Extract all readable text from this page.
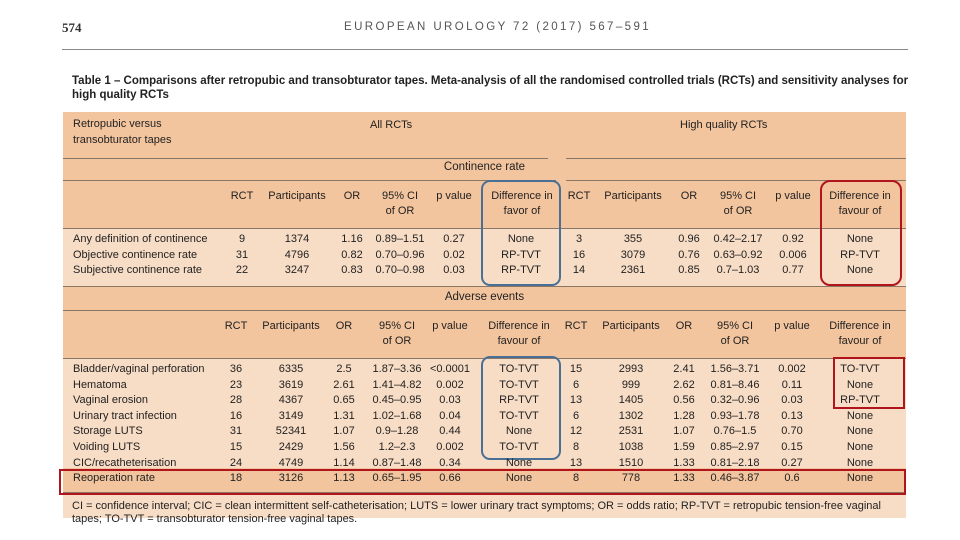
574	EUROPEAN UROLOGY 72 (2017) 567–591
Table 1 – Comparisons after retropubic and transobturator tapes. Meta-analysis of all the randomised controlled trials (RCTs) and sensitivity analyses for high quality RCTs
Retropubic versus
transobturator tapes
All RCTs	High quality RCTs
Continence rate
Adverse events
RCT	Participants	OR	95% CI
of OR
p value	Difference in
favor of
RCT	Participants	OR	95% CI
of OR
p value	Difference in
favour of
RCT	Participants	OR	95% CI
of OR
p value	Difference in
favour of
RCT	Participants	OR	95% CI
of OR
p value	Difference in
favour of
Any definition of continence	9	1374	1.16	0.89–1.51	0.27	None	3	355	0.96	0.42–2.17	0.92	None
Objective continence rate	31	4796	0.82	0.70–0.96	0.02	RP-TVT	16	3079	0.76	0.63–0.92	0.006	RP-TVT
Subjective continence rate	22	3247	0.83	0.70–0.98	0.03	RP-TVT	14	2361	0.85	0.7–1.03	0.77	None
Bladder/vaginal perforation	36	6335	2.5	1.87–3.36 <0.0001	TO-TVT	15	2993	2.41	1.56–3.71	0.002	TO-TVT
Hematoma	23	3619	2.61	1.41–4.82	0.002	TO-TVT	6	999	2.62	0.81–8.46	0.11	None
Vaginal erosion	28	4367	0.65	0.45–0.95	0.03	RP-TVT	13	1405	0.56	0.32–0.96	0.03	RP-TVT
Urinary tract infection	16	3149	1.31	1.02–1.68	0.04	TO-TVT	6	1302	1.28	0.93–1.78	0.13	None
Storage LUTS	31	52341	1.07	0.9–1.28	0.44	None	12	2531	1.07	0.76–1.5	0.70	None
Voiding LUTS	15	2429	1.56	1.2–2.3	0.002	TO-TVT	8	1038	1.59	0.85–2.97	0.15	None
CIC/recatheterisation	24	4749	1.14	0.87–1.48	0.34	None	13	1510	1.33	0.81–2.18	0.27	None
Reoperation rate	18	3126	1.13	0.65–1.95	0.66	None	8	778	1.33	0.46–3.87	0.6	None
CI = confidence interval; CIC = clean intermittent self-catheterisation; LUTS = lower urinary tract symptoms; OR = odds ratio; RP-TVT = retropubic tension-free vaginal tapes; TO-TVT = transobturator tension-free vaginal tapes.
